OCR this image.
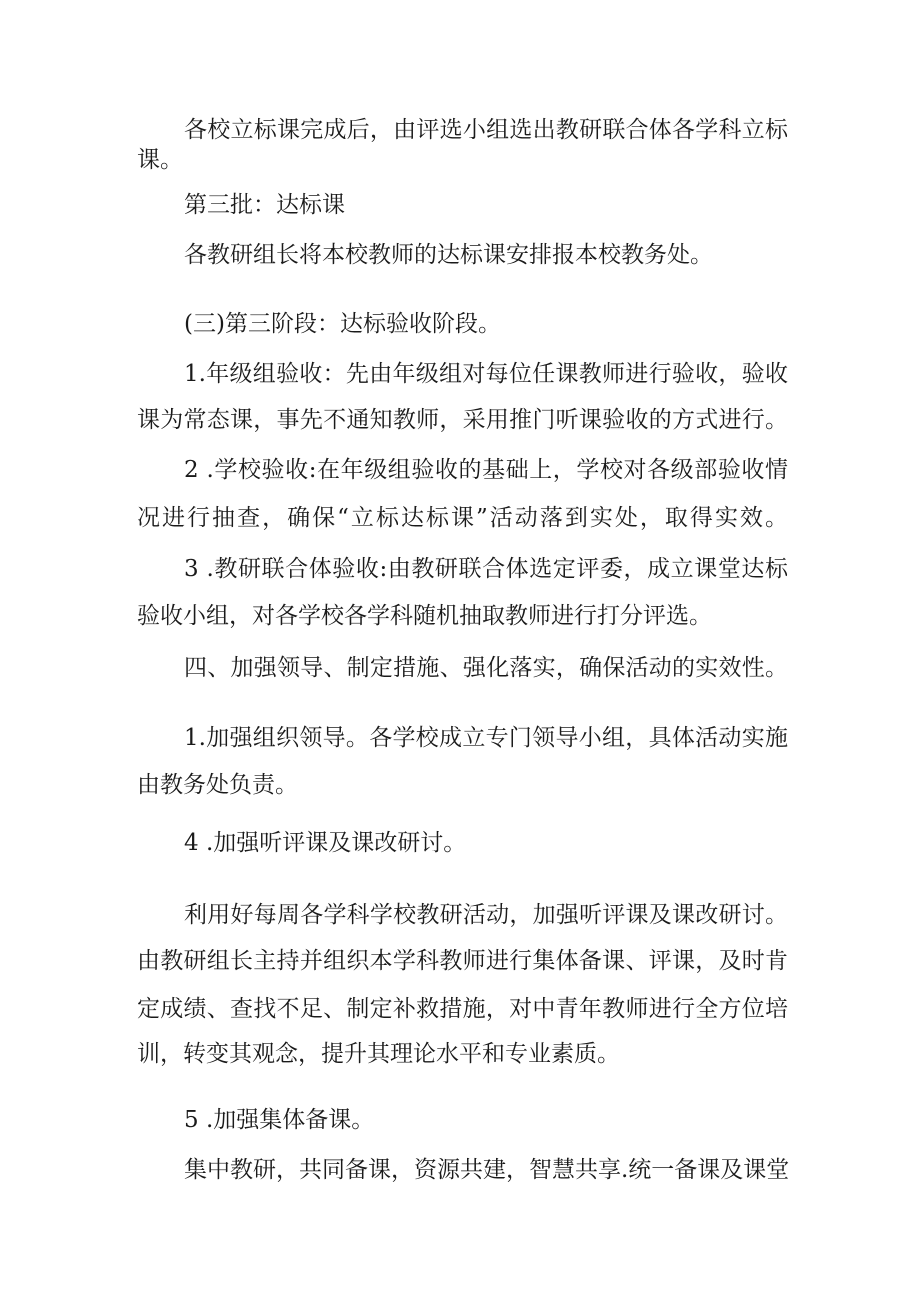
各校立标课完成后，由评选小组选出教研联合体各学科立标

课。

第三批：达标课

各教研组长将本校教师的达标课安排报本校教务处。

(三)第三阶段：达标验收阶段。

1.年级组验收：先由年级组对每位任课教师进行验收，验收

课为常态课，事先不通知教师，采用推门听课验收的方式进行。

2 .学校验收:在年级组验收的基础上，学校对各级部验收情

况进行抽查，确保“立标达标课”活动落到实处，取得实效。

3 .教研联合体验收:由教研联合体选定评委，成立课堂达标

验收小组，对各学校各学科随机抽取教师进行打分评选。

四、加强领导、制定措施、强化落实，确保活动的实效性。

1.加强组织领导。各学校成立专门领导小组，具体活动实施

由教务处负责。

4 .加强听评课及课改研讨。

利用好每周各学科学校教研活动，加强听评课及课改研讨。

由教研组长主持并组织本学科教师进行集体备课、评课，及时肯

定成绩、查找不足、制定补救措施，对中青年教师进行全方位培

训，转变其观念，提升其理论水平和专业素质。

5 .加强集体备课。

集中教研，共同备课，资源共建，智慧共享.统一备课及课堂
